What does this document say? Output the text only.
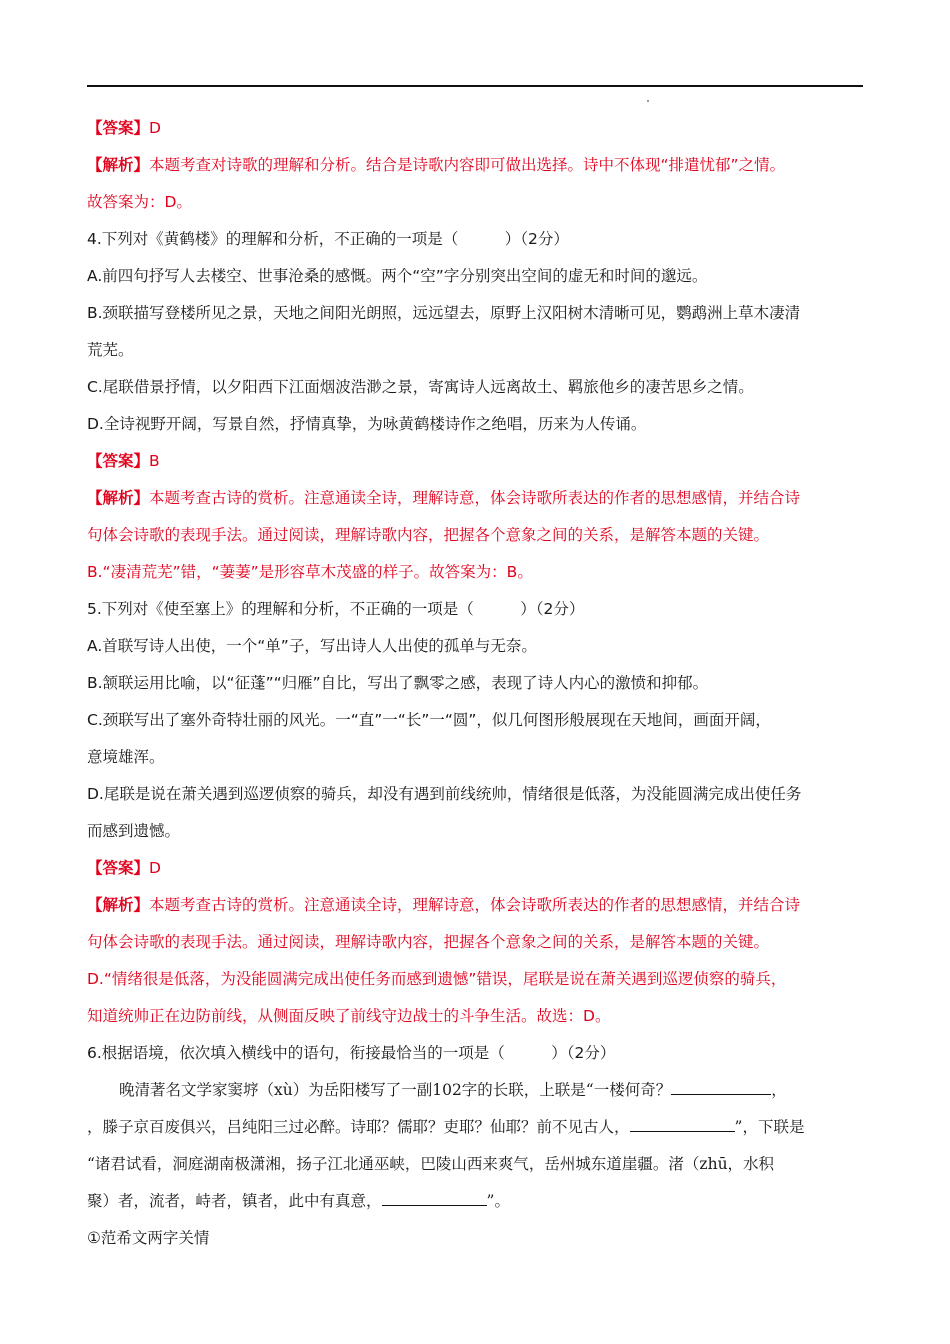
【答案】D
【解析】本题考查对诗歌的理解和分析。结合是诗歌内容即可做出选择。诗中不体现“排遣忧郁”之情。
故答案为：D。
4.下列对《黄鹤楼》的理解和分析，不正确的一项是（　　　）（2分）
A.前四句抒写人去楼空、世事沧桑的感慨。两个“空”字分别突出空间的虚无和时间的邈远。
B.颈联描写登楼所见之景，天地之间阳光朗照，远远望去，原野上汉阳树木清晰可见，鹦鹉洲上草木凄清
荒芜。
C.尾联借景抒情，以夕阳西下江面烟波浩渺之景，寄寓诗人远离故土、羁旅他乡的凄苦思乡之情。
D.全诗视野开阔，写景自然，抒情真挚，为咏黄鹤楼诗作之绝唱，历来为人传诵。
【答案】B
【解析】本题考查古诗的赏析。注意通读全诗，理解诗意，体会诗歌所表达的作者的思想感情，并结合诗
句体会诗歌的表现手法。通过阅读，理解诗歌内容，把握各个意象之间的关系，是解答本题的关键。
B.“凄清荒芜”错，“萋萋”是形容草木茂盛的样子。故答案为：B。
5.下列对《使至塞上》的理解和分析，不正确的一项是（　　　）（2分）
A.首联写诗人出使，一个“单”子，写出诗人人出使的孤单与无奈。
B.颔联运用比喻，以“征蓬”“归雁”自比，写出了飘零之感，表现了诗人内心的激愤和抑郁。
C.颈联写出了塞外奇特壮丽的风光。一“直”一“长”一“圆”，似几何图形般展现在天地间，画面开阔，
意境雄浑。
D.尾联是说在萧关遇到巡逻侦察的骑兵，却没有遇到前线统帅，情绪很是低落，为没能圆满完成出使任务
而感到遗憾。
【答案】D
【解析】本题考查古诗的赏析。注意通读全诗，理解诗意，体会诗歌所表达的作者的思想感情，并结合诗
句体会诗歌的表现手法。通过阅读，理解诗歌内容，把握各个意象之间的关系，是解答本题的关键。
D.“情绪很是低落，为没能圆满完成出使任务而感到遗憾”错误，尾联是说在萧关遇到巡逻侦察的骑兵，
知道统帅正在边防前线，从侧面反映了前线守边战士的斗争生活。故选：D。
6.根据语境，依次填入横线中的语句，衔接最恰当的一项是（　　　）（2分）
晚清著名文学家窦垿（xù）为岳阳楼写了一副102字的长联，上联是“一楼何奇？	，
，滕子京百废俱兴，吕纯阳三过必醉。诗耶？儒耶？吏耶？仙耶？前不见古人，	”，下联是
“诸君试看，洞庭湖南极潇湘，扬子江北通巫峡，巴陵山西来爽气，岳州城东道崖疆。渚（zhū，水积
聚）者，流者，峙者，镇者，此中有真意，	”。
①范希文两字关情
